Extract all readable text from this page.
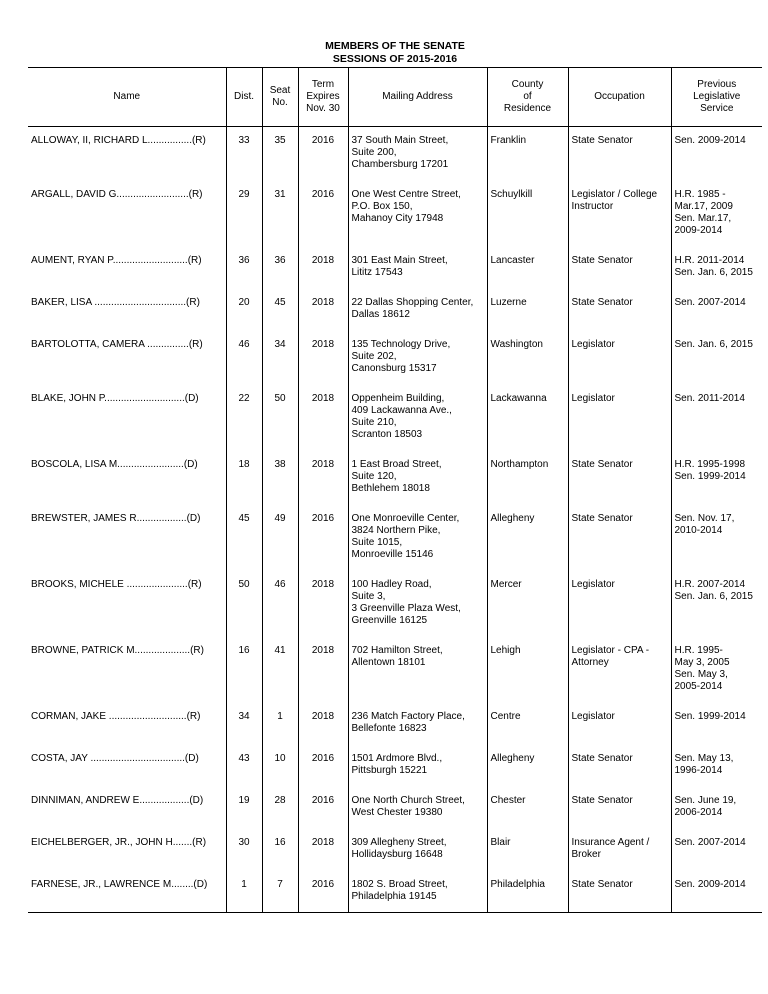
MEMBERS OF THE SENATE
SESSIONS OF 2015-2016
Name	Dist.	Seat
No.	Term
Expires
Nov. 30	Mailing Address	County
of
Residence	Occupation	Previous
Legislative
Service

ALLOWAY, II, RICHARD L................(R)	33	35	2016	37 South Main Street,
Suite 200,
Chambersburg 17201	Franklin	State Senator	Sen. 2009-2014

ARGALL, DAVID G..........................(R)	29	31	2016	One West Centre Street,
P.O. Box 150,
Mahanoy City 17948	Schuylkill	Legislator / College
Instructor	H.R. 1985 -
Mar.17, 2009
Sen. Mar.17,
2009-2014

AUMENT, RYAN P...........................(R)	36	36	2018	301 East Main Street,
Lititz 17543	Lancaster	State Senator	H.R. 2011-2014
Sen. Jan. 6, 2015

BAKER, LISA .................................(R)	20	45	2018	22 Dallas Shopping Center,
Dallas 18612	Luzerne	State Senator	Sen. 2007-2014

BARTOLOTTA, CAMERA ...............(R)	46	34	2018	135 Technology Drive,
Suite 202,
Canonsburg 15317	Washington	Legislator	Sen. Jan. 6, 2015

BLAKE, JOHN P.............................(D)	22	50	2018	Oppenheim Building,
409 Lackawanna Ave.,
Suite 210,
Scranton 18503	Lackawanna	Legislator	Sen. 2011-2014

BOSCOLA, LISA M........................(D)	18	38	2018	1 East Broad Street,
Suite 120,
Bethlehem 18018	Northampton	State Senator	H.R. 1995-1998
Sen. 1999-2014

BREWSTER, JAMES R..................(D)	45	49	2016	One Monroeville Center,
3824 Northern Pike,
Suite 1015,
Monroeville 15146	Allegheny	State Senator	Sen. Nov. 17,
2010-2014

BROOKS, MICHELE ......................(R)	50	46	2018	100 Hadley Road,
Suite 3,
3 Greenville Plaza West,
Greenville 16125	Mercer	Legislator	H.R. 2007-2014
Sen. Jan. 6, 2015

BROWNE, PATRICK M....................(R)	16	41	2018	702 Hamilton Street,
Allentown 18101	Lehigh	Legislator - CPA -
Attorney	H.R. 1995-
May 3, 2005
Sen. May 3,
2005-2014

CORMAN, JAKE ............................(R)	34	1	2018	236 Match Factory Place,
Bellefonte 16823	Centre	Legislator	Sen. 1999-2014

COSTA, JAY ..................................(D)	43	10	2016	1501 Ardmore Blvd.,
Pittsburgh 15221	Allegheny	State Senator	Sen. May 13,
1996-2014

DINNIMAN, ANDREW E..................(D)	19	28	2016	One North Church Street,
West Chester 19380	Chester	State Senator	Sen. June 19,
2006-2014

EICHELBERGER, JR., JOHN H.......(R)	30	16	2018	309 Allegheny Street,
Hollidaysburg 16648	Blair	Insurance Agent /
Broker	Sen. 2007-2014

FARNESE, JR., LAWRENCE M........(D)	1	7	2016	1802 S. Broad Street,
Philadelphia 19145	Philadelphia	State Senator	Sen. 2009-2014
